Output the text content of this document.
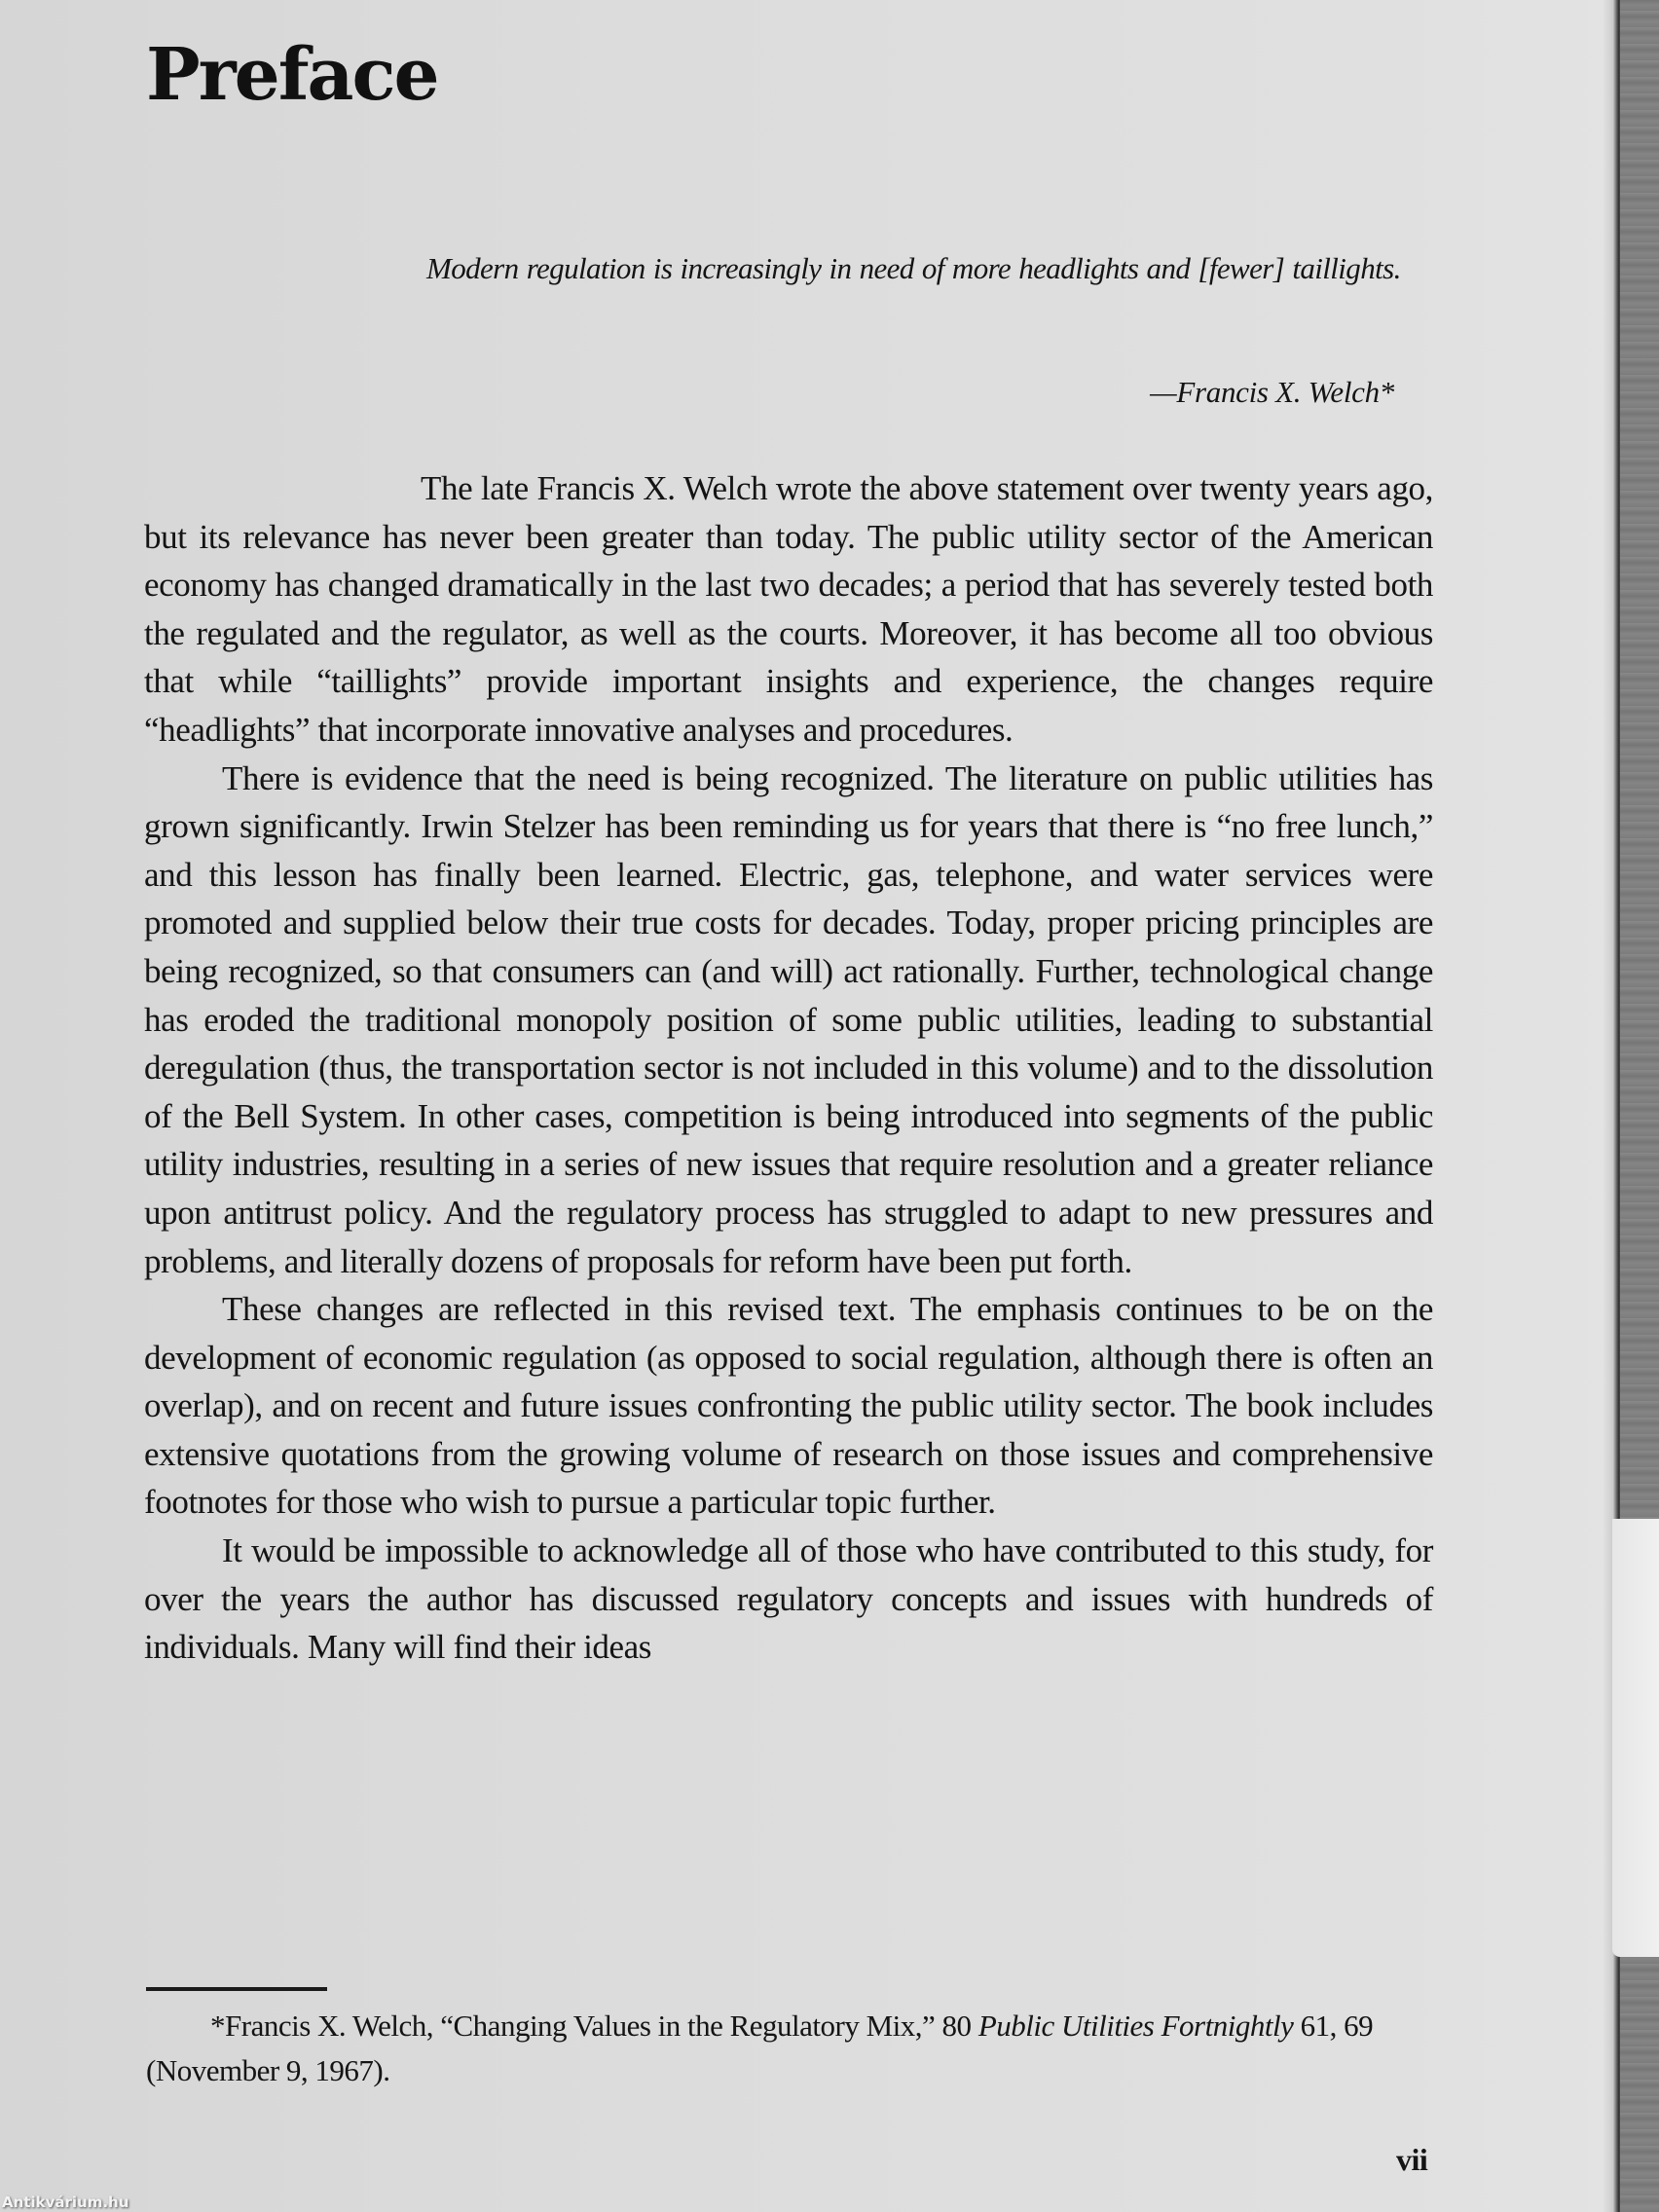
Preface
Modern regulation is increasingly in need of more headlights and [fewer] taillights.
—Francis X. Welch*

The late Francis X. Welch wrote the above statement over twenty years ago, but its relevance has never been greater than today. The public utility sector of the American economy has changed dramatically in the last two decades; a period that has severely tested both the regulated and the regulator, as well as the courts. Moreover, it has become all too obvious that while “taillights” provide important insights and experience, the changes require “headlights” that incorporate innovative analyses and procedures.

There is evidence that the need is being recognized. The literature on public utilities has grown significantly. Irwin Stelzer has been reminding us for years that there is “no free lunch,” and this lesson has finally been learned. Electric, gas, telephone, and water services were promoted and supplied below their true costs for decades. Today, proper pricing principles are being recognized, so that consumers can (and will) act rationally. Further, technological change has eroded the traditional monopoly position of some public utilities, leading to substantial deregulation (thus, the transportation sector is not included in this volume) and to the dissolution of the Bell System. In other cases, competition is being introduced into segments of the public utility industries, resulting in a series of new issues that require resolution and a greater reliance upon antitrust policy. And the regulatory process has struggled to adapt to new pressures and problems, and literally dozens of proposals for reform have been put forth.

These changes are reflected in this revised text. The emphasis continues to be on the development of economic regulation (as opposed to social regulation, although there is often an overlap), and on recent and future issues confronting the public utility sector. The book includes extensive quotations from the growing volume of research on those issues and comprehensive footnotes for those who wish to pursue a particular topic further.

It would be impossible to acknowledge all of those who have contributed to this study, for over the years the author has discussed regulatory concepts and issues with hundreds of individuals. Many will find their ideas

*Francis X. Welch, “Changing Values in the Regulatory Mix,” 80 Public Utilities Fortnightly 61, 69 (November 9, 1967).
vii
Antikvárium.hu
